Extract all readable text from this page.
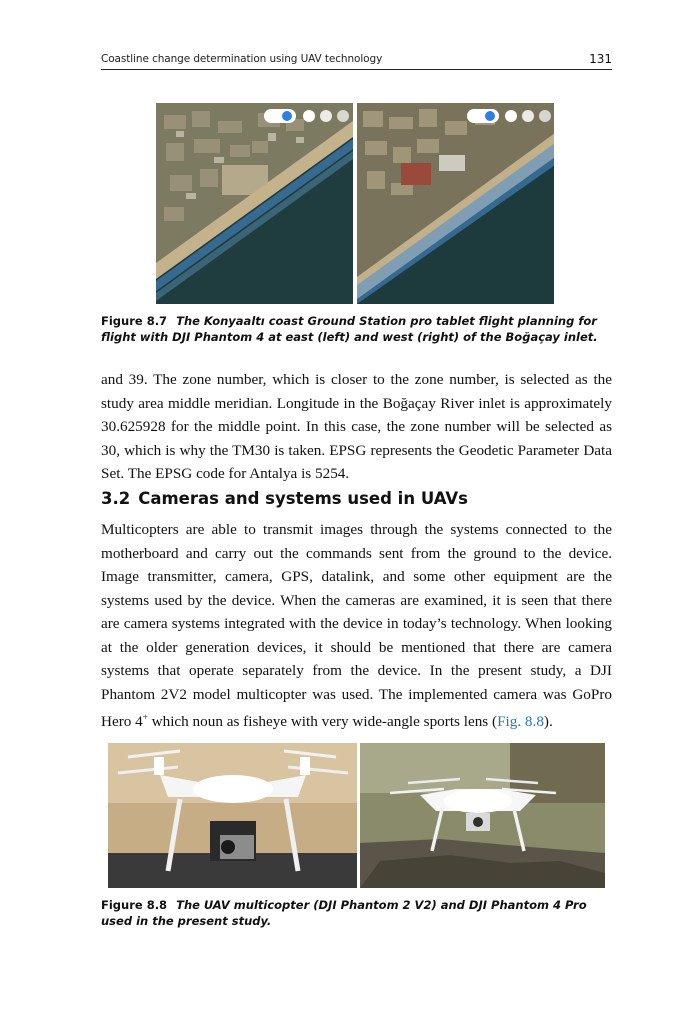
Coastline change determination using UAV technology	131
Figure 8.7 The Konyaaltı coast Ground Station pro tablet flight planning for flight with DJI Phantom 4 at east (left) and west (right) of the Boğaçay inlet.

and 39. The zone number, which is closer to the zone number, is selected as the study area middle meridian. Longitude in the Boğaçay River inlet is approximately 30.625928 for the middle point. In this case, the zone number will be selected as 30, which is why the TM30 is taken. EPSG represents the Geodetic Parameter Data Set. The EPSG code for Antalya is 5254.

3.2 Cameras and systems used in UAVs

Multicopters are able to transmit images through the systems connected to the motherboard and carry out the commands sent from the ground to the device. Image transmitter, camera, GPS, datalink, and some other equipment are the systems used by the device. When the cameras are examined, it is seen that there are camera systems integrated with the device in today’s technology. When looking at the older generation devices, it should be mentioned that there are camera systems that operate separately from the device. In the present study, a DJI Phantom 2V2 model multicopter was used. The implemented camera was GoPro Hero 4+ which noun as fisheye with very wide-angle sports lens (Fig. 8.8).

Figure 8.8 The UAV multicopter (DJI Phantom 2 V2) and DJI Phantom 4 Pro used in the present study.
